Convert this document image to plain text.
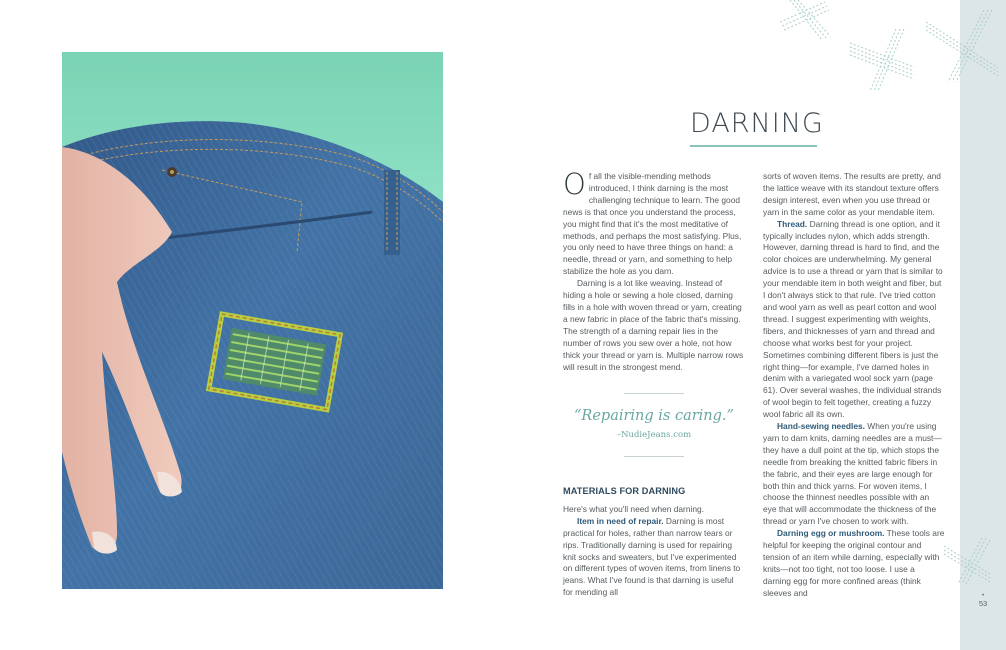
DARNING

Of all the visible-mending methods introduced, I think darning is the most challenging technique to learn. The good news is that once you understand the process, you might find that it's the most meditative of methods, and perhaps the most satisfying. Plus, you only need to have three things on hand: a needle, thread or yarn, and something to help stabilize the hole as you darn.

Darning is a lot like weaving. Instead of hiding a hole or sewing a hole closed, darning fills in a hole with woven thread or yarn, creating a new fabric in place of the fabric that's missing. The strength of a darning repair lies in the number of rows you sew over a hole, not how thick your thread or yarn is. Multiple narrow rows will result in the strongest mend.

“Repairing is caring.”
–NudieJeans.com
MATERIALS FOR DARNING

Here's what you'll need when darning.

Item in need of repair. Darning is most practical for holes, rather than narrow tears or rips. Traditionally darning is used for repairing knit socks and sweaters, but I've experimented on different types of woven items, from linens to jeans. What I've found is that darning is useful for mending all

sorts of woven items. The results are pretty, and the lattice weave with its standout texture offers design interest, even when you use thread or yarn in the same color as your mendable item.

Thread. Darning thread is one option, and it typically includes nylon, which adds strength. However, darning thread is hard to find, and the color choices are underwhelming. My general advice is to use a thread or yarn that is similar to your mendable item in both weight and fiber, but I don't always stick to that rule. I've tried cotton and wool yarn as well as pearl cotton and wool thread. I suggest experimenting with weights, fibers, and thicknesses of yarn and thread and choose what works best for your project. Sometimes combining different fibers is just the right thing—for example, I've darned holes in denim with a variegated wool sock yarn (page 61). Over several washes, the individual strands of wool begin to felt together, creating a fuzzy wool fabric all its own.

Hand-sewing needles. When you're using yarn to darn knits, darning needles are a must—they have a dull point at the tip, which stops the needle from breaking the knitted fabric fibers in the fabric, and their eyes are large enough for both thin and thick yarns. For woven items, I choose the thinnest needles possible with an eye that will accommodate the thickness of the thread or yarn I've chosen to work with.

Darning egg or mushroom. These tools are helpful for keeping the original contour and tension of an item while darning, especially with knits—not too tight, not too loose. I use a darning egg for more confined areas (think sleeves and	•
53
